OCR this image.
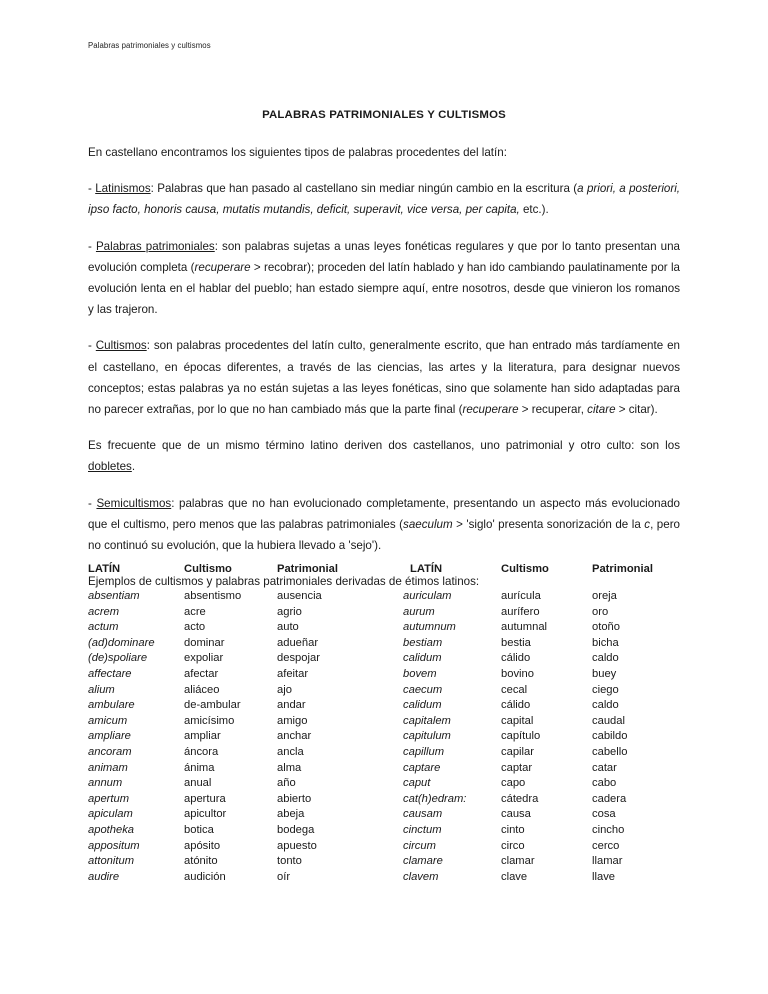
Palabras patrimoniales y cultismos
PALABRAS PATRIMONIALES Y CULTISMOS

En castellano encontramos los siguientes tipos de palabras procedentes del latín:

- Latinismos: Palabras que han pasado al castellano sin mediar ningún cambio en la escritura (a priori, a posteriori, ipso facto, honoris causa, mutatis mutandis, deficit, superavit, vice versa, per capita, etc.).

- Palabras patrimoniales: son palabras sujetas a unas leyes fonéticas regulares y que por lo tanto presentan una evolución completa (recuperare > recobrar); proceden del latín hablado y han ido cambiando paulatinamente por la evolución lenta en el hablar del pueblo; han estado siempre aquí, entre nosotros, desde que vinieron los romanos y las trajeron.

- Cultismos: son palabras procedentes del latín culto, generalmente escrito, que han entrado más tardíamente en el castellano, en épocas diferentes, a través de las ciencias, las artes y la literatura, para designar nuevos conceptos; estas palabras ya no están sujetas a las leyes fonéticas, sino que solamente han sido adaptadas para no parecer extrañas, por lo que no han cambiado más que la parte final (recuperare > recuperar, citare > citar).

Es frecuente que de un mismo término latino deriven dos castellanos, uno patrimonial y otro culto: son los dobletes.

- Semicultismos: palabras que no han evolucionado completamente, presentando un aspecto más evolucionado que el cultismo, pero menos que las palabras patrimoniales (saeculum > 'siglo' presenta sonorización de la c, pero no continuó su evolución, que la hubiera llevado a 'sejo').

Ejemplos de cultismos y palabras patrimoniales derivadas de étimos latinos:

LATÍN	Cultismo	Patrimonial
absentiam	absentismo	ausencia
acrem	acre	agrio
actum	acto	auto
(ad)dominare	dominar	adueñar
(de)spoliare	expoliar	despojar
affectare	afectar	afeitar
alium	aliáceo	ajo
ambulare	de-ambular	andar
amicum	amicísimo	amigo
ampliare	ampliar	anchar
ancoram	áncora	ancla
animam	ánima	alma
annum	anual	año
apertum	apertura	abierto
apiculam	apicultor	abeja
apotheka	botica	bodega
appositum	apósito	apuesto
attonitum	atónito	tonto
audire	audición	oír
LATÍN	Cultismo	Patrimonial
auriculam	aurícula	oreja
aurum	aurífero	oro
autumnum	autumnal	otoño
bestiam	bestia	bicha
calidum	cálido	caldo
bovem	bovino	buey
caecum	cecal	ciego
calidum	cálido	caldo
capitalem	capital	caudal
capitulum	capítulo	cabildo
capillum	capilar	cabello
captare	captar	catar
caput	capo	cabo
cat(h)edram:	cátedra	cadera
causam	causa	cosa
cinctum	cinto	cincho
circum	circo	cerco
clamare	clamar	llamar
clavem	clave	llave
